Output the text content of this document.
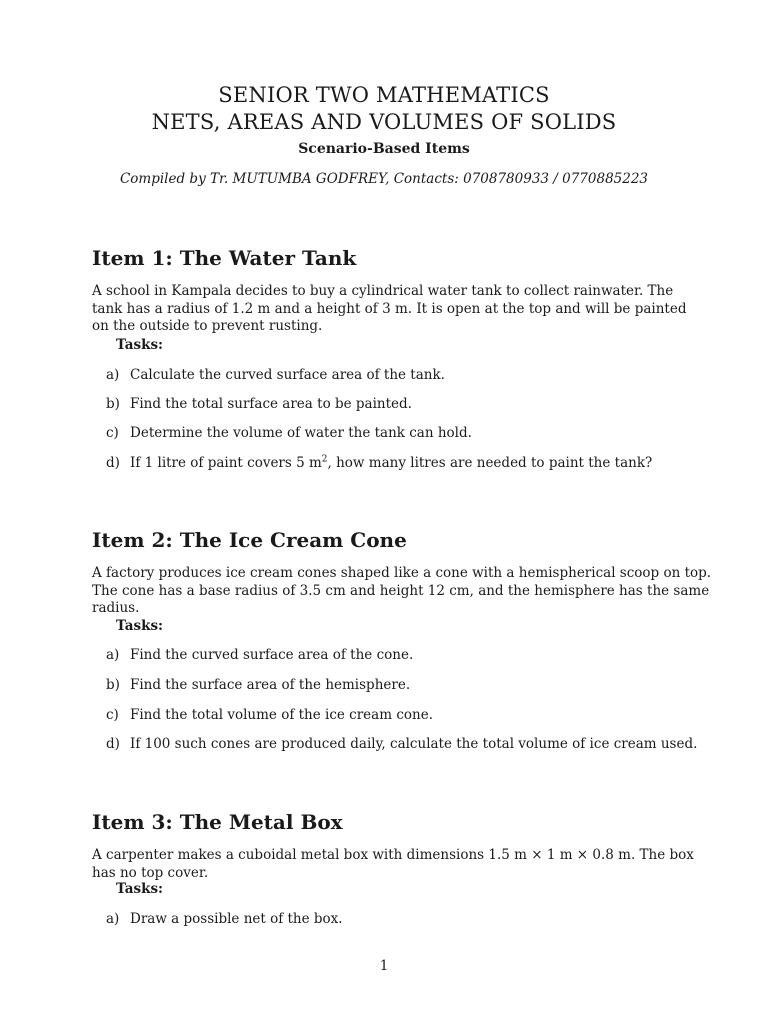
SENIOR TWO MATHEMATICS
NETS, AREAS AND VOLUMES OF SOLIDS
Scenario-Based Items
Compiled by Tr. MUTUMBA GODFREY, Contacts: 0708780933 / 0770885223
Item 1: The Water Tank
A school in Kampala decides to buy a cylindrical water tank to collect rainwater. The
tank has a radius of 1.2 m and a height of 3 m. It is open at the top and will be painted
on the outside to prevent rusting.
Tasks:
a) Calculate the curved surface area of the tank.
b) Find the total surface area to be painted.
c) Determine the volume of water the tank can hold.
d) If 1 litre of paint covers 5 $m^2$, how many litres are needed to paint the tank?
Item 2: The Ice Cream Cone
A factory produces ice cream cones shaped like a cone with a hemispherical scoop on top.
The cone has a base radius of 3.5 cm and height 12 cm, and the hemisphere has the same
radius.
Tasks:
a) Find the curved surface area of the cone.
b) Find the surface area of the hemisphere.
c) Find the total volume of the ice cream cone.
d) If 100 such cones are produced daily, calculate the total volume of ice cream used.
Item 3: The Metal Box
A carpenter makes a cuboidal metal box with dimensions 1.5 m × 1 m × 0.8 m. The box
has no top cover.
Tasks:
a) Draw a possible net of the box.
1
